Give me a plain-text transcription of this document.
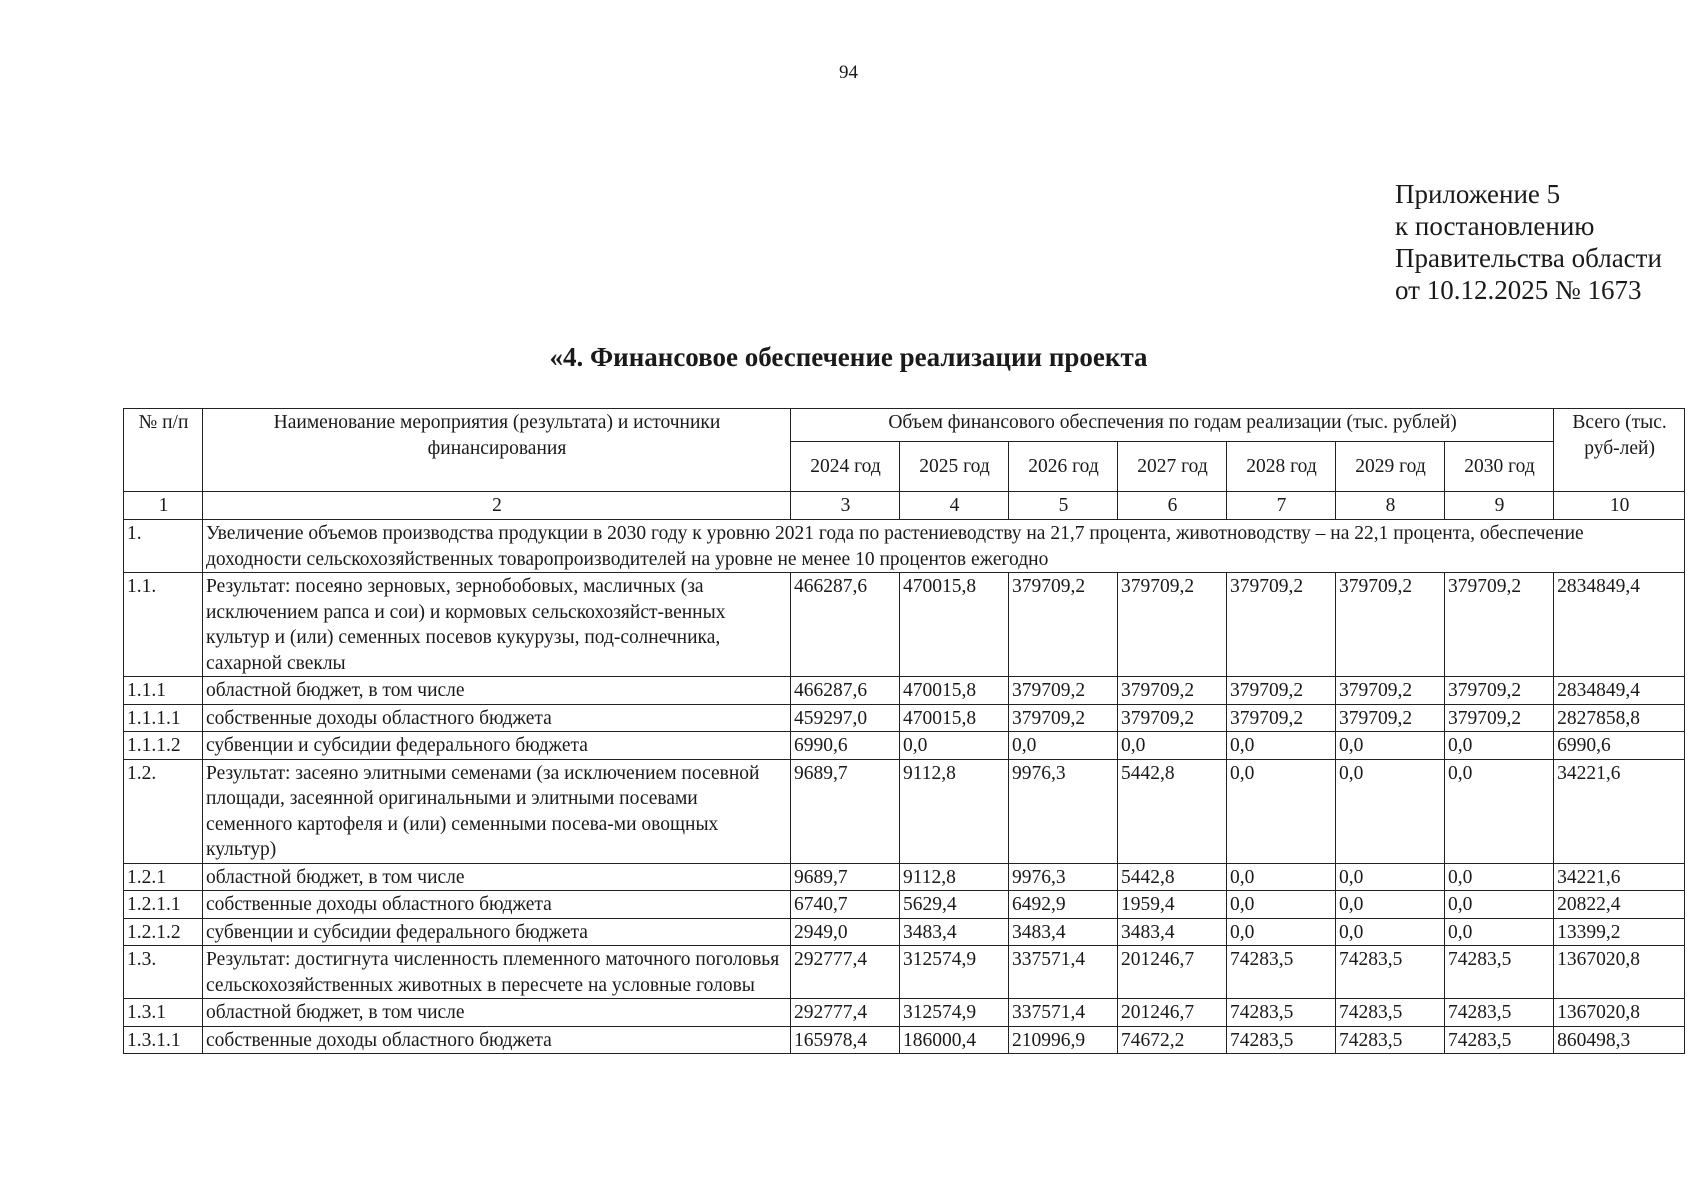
94
Приложение 5
к постановлению
Правительства области
от 10.12.2025 № 1673
«4. Финансовое обеспечение реализации проекта
№ п/п	Наименование мероприятия (результата) и источники финансирования	Объем финансового обеспечения по годам реализации (тыс. рублей)							Всего (тыс. руб-лей)
		2024 год	2025 год	2026 год	2027 год	2028 год	2029 год	2030 год	
1	2	3	4	5	6	7	8	9	10
1.	Увеличение объемов производства продукции в 2030 году к уровню 2021 года по растениеводству на 21,7 процента, животноводству – на 22,1 процента, обеспечение доходности сельскохозяйственных товаропроизводителей на уровне не менее 10 процентов ежегодно								
1.1.	Результат: посеяно зерновых, зернобобовых, масличных (за исключением рапса и сои) и кормовых сельскохозяйст-венных культур и (или) семенных посевов кукурузы, под-солнечника, сахарной свеклы	466287,6	470015,8	379709,2	379709,2	379709,2	379709,2	379709,2	2834849,4
1.1.1	областной бюджет, в том числе	466287,6	470015,8	379709,2	379709,2	379709,2	379709,2	379709,2	2834849,4
1.1.1.1	собственные доходы областного бюджета	459297,0	470015,8	379709,2	379709,2	379709,2	379709,2	379709,2	2827858,8
1.1.1.2	субвенции и субсидии федерального бюджета	6990,6	0,0	0,0	0,0	0,0	0,0	0,0	6990,6
1.2.	Результат: засеяно элитными семенами (за исключением посевной площади, засеянной оригинальными и элитными посевами семенного картофеля и (или) семенными посева-ми овощных культур)	9689,7	9112,8	9976,3	5442,8	0,0	0,0	0,0	34221,6
1.2.1	областной бюджет, в том числе	9689,7	9112,8	9976,3	5442,8	0,0	0,0	0,0	34221,6
1.2.1.1	собственные доходы областного бюджета	6740,7	5629,4	6492,9	1959,4	0,0	0,0	0,0	20822,4
1.2.1.2	субвенции и субсидии федерального бюджета	2949,0	3483,4	3483,4	3483,4	0,0	0,0	0,0	13399,2
1.3.	Результат: достигнута численность племенного маточного поголовья сельскохозяйственных животных в пересчете на условные головы	292777,4	312574,9	337571,4	201246,7	74283,5	74283,5	74283,5	1367020,8
1.3.1	областной бюджет, в том числе	292777,4	312574,9	337571,4	201246,7	74283,5	74283,5	74283,5	1367020,8
1.3.1.1	собственные доходы областного бюджета	165978,4	186000,4	210996,9	74672,2	74283,5	74283,5	74283,5	860498,3
